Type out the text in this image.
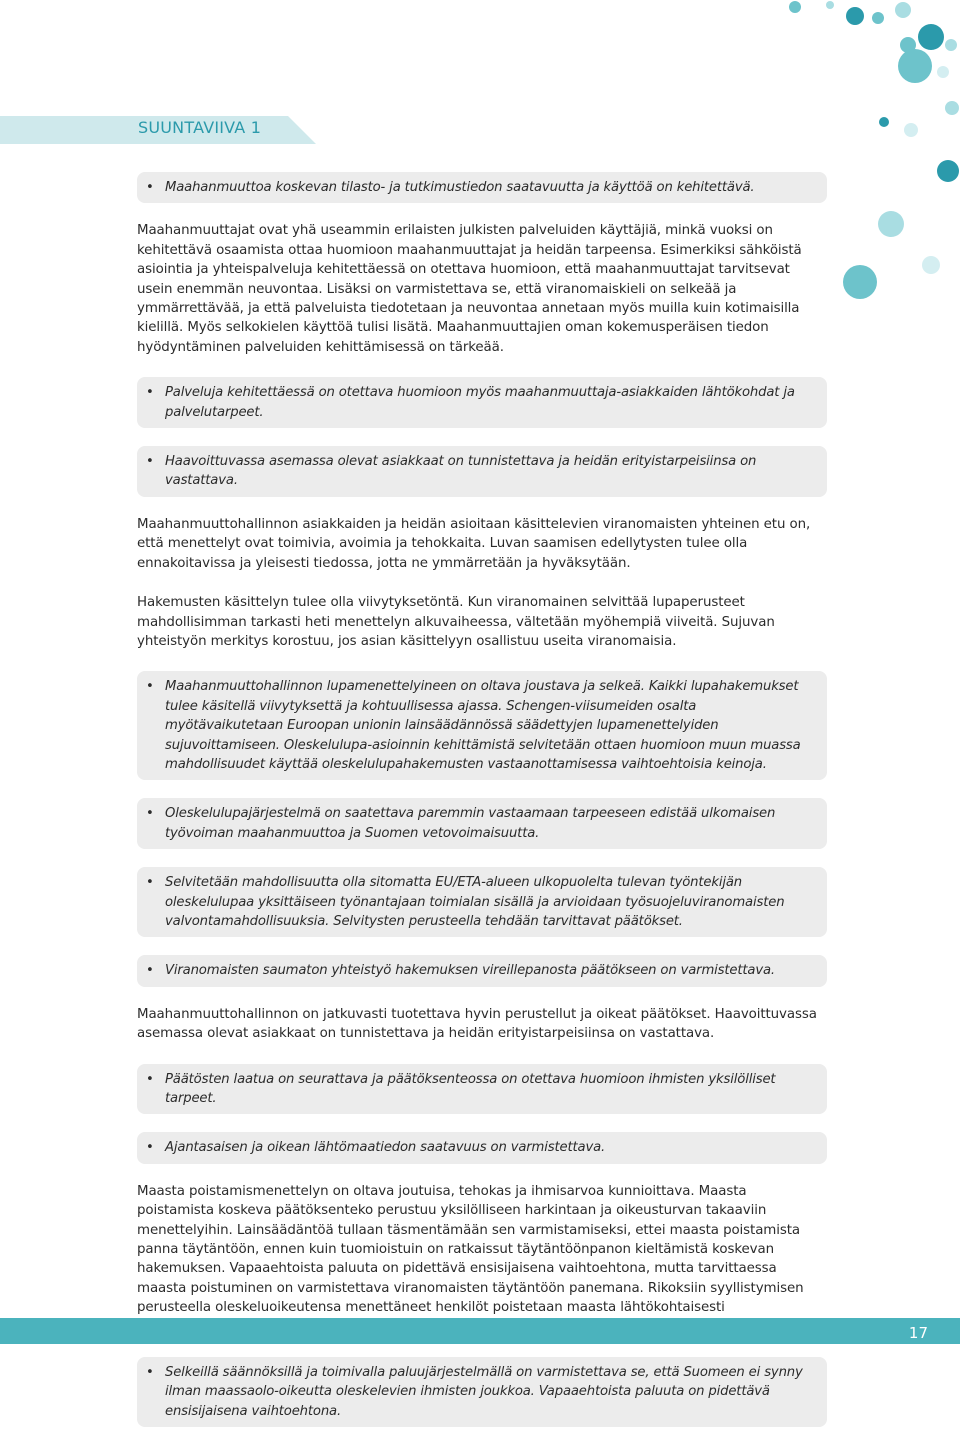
SUUNTAVIIVA 1
• Maahanmuuttoa koskevan tilasto- ja tutkimustiedon saatavuutta ja käyttöä on kehitettävä.
Maahanmuuttajat ovat yhä useammin erilaisten julkisten palveluiden käyttäjiä, minkä vuoksi on kehitettävä osaamista ottaa huomioon maahanmuuttajat ja heidän tarpeensa. Esimerkiksi sähköistä asiointia ja yhteispalveluja kehitettäessä on otettava huomioon, että maahanmuuttajat tarvitsevat usein enemmän neuvontaa. Lisäksi on varmistettava se, että viranomaiskieli on selkeää ja ymmärrettävää, ja että palveluista tiedotetaan ja neuvontaa annetaan myös muilla kuin kotimaisilla kielillä. Myös selkokielen käyttöä tulisi lisätä. Maahanmuuttajien oman kokemusperäisen tiedon hyödyntäminen palveluiden kehittämisessä on tärkeää.
• Palveluja kehitettäessä on otettava huomioon myös maahanmuuttaja-asiakkaiden lähtökohdat ja palvelutarpeet.
• Haavoittuvassa asemassa olevat asiakkaat on tunnistettava ja heidän erityistarpeisiinsa on vastattava.
Maahanmuuttohallinnon asiakkaiden ja heidän asioitaan käsittelevien viranomaisten yhteinen etu on, että menettelyt ovat toimivia, avoimia ja tehokkaita. Luvan saamisen edellytysten tulee olla ennakoitavissa ja yleisesti tiedossa, jotta ne ymmärretään ja hyväksytään.
Hakemusten käsittelyn tulee olla viivytyksetöntä. Kun viranomainen selvittää lupaperusteet mahdollisimman tarkasti heti menettelyn alkuvaiheessa, vältetään myöhempiä viiveitä. Sujuvan yhteistyön merkitys korostuu, jos asian käsittelyyn osallistuu useita viranomaisia.
• Maahanmuuttohallinnon lupamenettelyineen on oltava joustava ja selkeä. Kaikki lupahakemukset tulee käsitellä viivytyksettä ja kohtuullisessa ajassa. Schengen-viisumeiden osalta myötävaikutetaan Euroopan unionin lainsäädännössä säädettyjen lupamenettelyiden sujuvoittamiseen. Oleskelulupa-asioinnin kehittämistä selvitetään ottaen huomioon muun muassa mahdollisuudet käyttää oleskelulupahakemusten vastaanottamisessa vaihtoehtoisia keinoja.
• Oleskelulupajärjestelmä on saatettava paremmin vastaamaan tarpeeseen edistää ulkomaisen työvoiman maahanmuuttoa ja Suomen vetovoimaisuutta.
• Selvitetään mahdollisuutta olla sitomatta EU/ETA-alueen ulkopuolelta tulevan työntekijän oleskelulupaa yksittäiseen työnantajaan toimialan sisällä ja arvioidaan työsuojeluviranomaisten valvontamahdollisuuksia. Selvitysten perusteella tehdään tarvittavat päätökset.
• Viranomaisten saumaton yhteistyö hakemuksen vireillepanosta päätökseen on varmistettava.
Maahanmuuttohallinnon on jatkuvasti tuotettava hyvin perustellut ja oikeat päätökset. Haavoittuvassa asemassa olevat asiakkaat on tunnistettava ja heidän erityistarpeisiinsa on vastattava.
• Päätösten laatua on seurattava ja päätöksenteossa on otettava huomioon ihmisten yksilölliset tarpeet.
• Ajantasaisen ja oikean lähtömaatiedon saatavuus on varmistettava.
Maasta poistamismenettelyn on oltava joutuisa, tehokas ja ihmisarvoa kunnioittava. Maasta poistamista koskeva päätöksenteko perustuu yksilölliseen harkintaan ja oikeusturvan takaaviin menettelyihin. Lainsäädäntöä tullaan täsmentämään sen varmistamiseksi, ettei maasta poistamista panna täytäntöön, ennen kuin tuomioistuin on ratkaissut täytäntöönpanon kieltämistä koskevan hakemuksen. Vapaaehtoista paluuta on pidettävä ensisijaisena vaihtoehtona, mutta tarvittaessa maasta poistuminen on varmistettava viranomaisten täytäntöön panemana. Rikoksiin syyllistymisen perusteella oleskeluoikeutensa menettäneet henkilöt poistetaan maasta lähtökohtaisesti
• Selkeillä säännöksillä ja toimivalla paluujärjestelmällä on varmistettava se, että Suomeen ei synny ilman maassaolo-oikeutta oleskelevien ihmisten joukkoa. Vapaaehtoista paluuta on pidettävä ensisijaisena vaihtoehtona.
17
